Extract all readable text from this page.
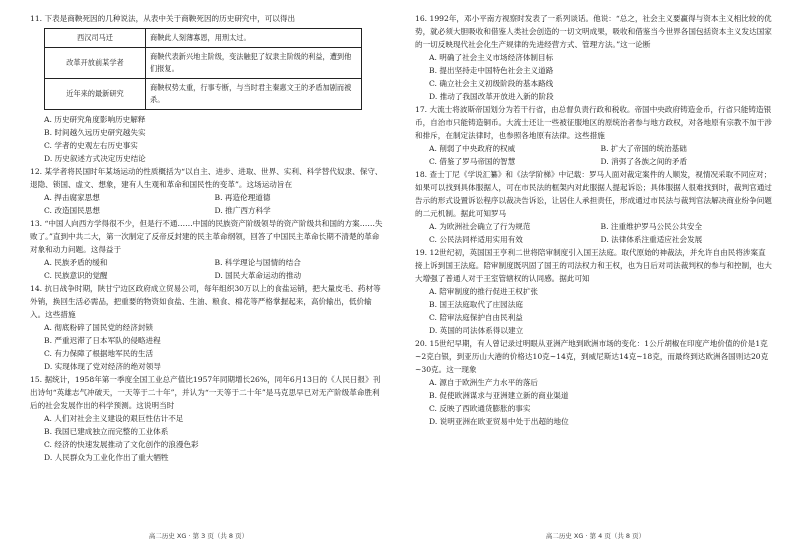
11. 下表是商鞅死因的几种说法，从表中关于商鞅死因的历史研究中，可以得出
西汉司马迁	商鞅此人刻薄寡恩，用刑太过。
改革开放前某学者	商鞅代表新兴地主阶级，变法触犯了奴隶主阶级的利益，遭到他们报复。
近年来的最新研究	商鞅权势太重，行事专断，与当时君主秦惠文王的矛盾加剧而被杀。
A. 历史研究角度影响历史解释
B. 时间越久远历史研究越失实
C. 学者的史观左右历史事实
D. 历史叙述方式决定历史结论
12. 某学者将民国时年某场运动的性质概括为“以自主、进步、进取、世界、实利、科学替代奴隶、保守、退隐、锁国、虚文、想象，建有人生观和革命和国民性的变革”。这场运动旨在
A. 捍击腐家思想	B. 再造伦理道德
C. 改造国民思想	D. 推广西方科学
13. “中国人向西方学得很不少，但是行不通……中国的民族资产阶级领导的资产阶级共和国的方案……失败了。”直到中共二大，第一次制定了反帝反封建的民主革命纲领，回答了中国民主革命长期不清楚的革命对象和动力问题。这得益于
A. 民族矛盾的缓和	B. 科学理论与国情的结合
C. 民族意识的觉醒	D. 国民大革命运动的推动
14. 抗日战争时期，陕甘宁边区政府成立贸易公司，每年组织30万以上的食盐运销，把大量皮毛、药材等外销，换回生活必需品，把重要的物资如食盐、生油、粮食、棉花等严格掌握起来，高价输出，低价输入。这些措施
A. 彻底粉碎了国民党的经济封锁
B. 严重迟滞了日本军队的侵略进程
C. 有力保障了根据地军民的生活
D. 实现体现了党对经济的绝对领导
15. 据统计，1958年第一季度全国工业总产值比1957年同期增长26%，同年6月13日的《人民日报》刊出诗句“英雄志气冲破天，一天等于二十年”，并认为“一天等于二十年”是马克思早已对无产阶级革命胜利后的社会发展作出的科学预测。这说明当时
A. 人们对社会主义建设的艰巨性估计不足
B. 我国已建成独立而完整的工业体系
C. 经济的快速发展推动了文化创作的浪漫色彩
D. 人民群众为工业化作出了重大牺牲
高二历史 XG · 第 3 页（共 8 页）
16. 1992年，邓小平南方视察时发表了一系列谈话。他说：“总之，社会主义要赢得与资本主义相比较的优势，就必须大胆吸收和借鉴人类社会创造的一切文明成果，吸收和借鉴当今世界各国包括资本主义发达国家的一切反映现代社会化生产规律的先进经营方式、管理方法。”这一论断
A. 明确了社会主义市场经济体制目标
B. 提出坚持走中国特色社会主义道路
C. 确立社会主义初级阶段的基本路线
D. 推动了我国改革开放进入新的阶段
17. 大流士将波斯帝国划分为若干行省，由总督负责行政和税收。帝国中央政府铸造金币，行省只能铸造银币，自治市只能铸造铜币。大流士还让一些被征服地区的原统治者参与地方政权，对各地原有宗教不加干涉和排斥，在制定法律时，也参照各地原有法律。这些措施
A. 削弱了中央政府的权威	B. 扩大了帝国的统治基础
C. 借鉴了罗马帝国的智慧	D. 消弭了各族之间的矛盾
18. 查士丁尼《学说汇纂》和《法学阶梯》中记载：罗马人面对裁定案件的人顺发，视情况采取不同应对；如果可以找到具体服据人，可在市民法的框架内对此服据人提起诉讼；具体服据人很难找到时，裁判官通过告示的形式设置诉讼程序以裁决告诉讼，让居住人承担责任，形成通过市民法与裁判官法解决商业纷争问题的二元机制。据此可知罗马
A. 为欧洲社会确立了行为规范	B. 注重维护罗马公民公共安全
C. 公民法同样适用实用有效	D. 法律体系注重适应社会发展
19. 12世纪初，英国国王亨利二世将陪审制度引入国王法庭。取代原始的神裁法，并允许自由民将涉案直接上诉到国王法庭。陪审制度既巩固了国王的司法权力和王权，也为日后对司法裁判权的参与和控制，也大大增强了普通人对于王室管辖权的认同感。据此可知
A. 陪审制度的推行促进王权扩张
B. 国王法庭取代了庄园法庭
C. 陪审法庭保护自由民利益
D. 英国的司法体系得以建立
20. 15世纪早期，有人曾记录过明眼从亚洲产地到欧洲市场的变化：1公斤胡椒在印度产地价值的价是1克~2克白银，到亚历山大港的价格达10克~14克，到威尼斯达14克~18克，而最终到达欧洲各国则达20克~30克。这一现象
A. 源自于欧洲生产力水平的落后
B. 促使欧洲谋求与亚洲建立新的商业渠道
C. 反映了西欧通货膨胀的事实
D. 说明亚洲在欧亚贸易中处于出超的地位
高二历史 XG · 第 4 页（共 8 页）
